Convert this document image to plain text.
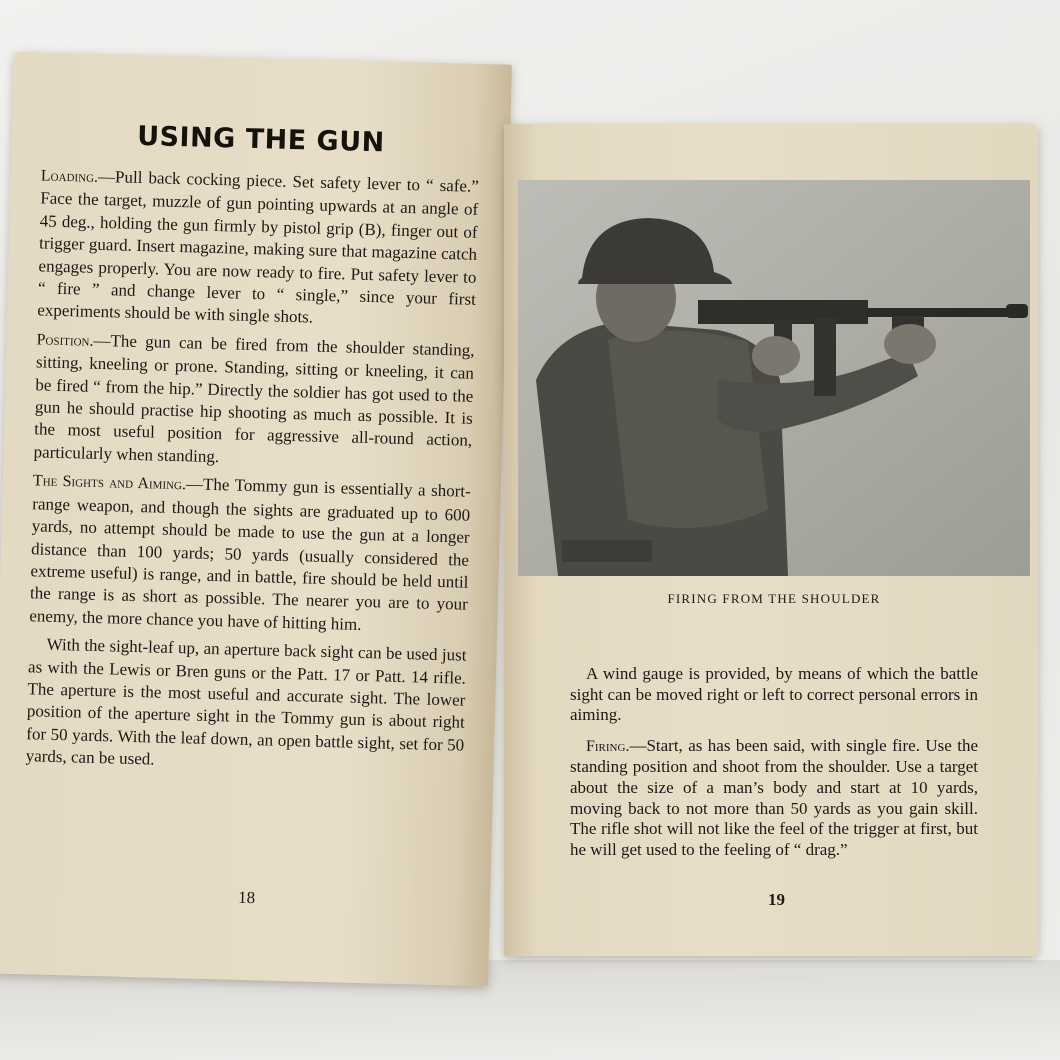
USING THE GUN

Loading.—Pull back cocking piece. Set safety lever to “ safe.” Face the target, muzzle of gun pointing upwards at an angle of 45 deg., holding the gun firmly by pistol grip (B), finger out of trigger guard. Insert magazine, making sure that magazine catch engages properly. You are now ready to fire. Put safety lever to “ fire ” and change lever to “ single,” since your first experiments should be with single shots.

Position.—The gun can be fired from the shoulder standing, sitting, kneeling or prone. Standing, sitting or kneeling, it can be fired “ from the hip.” Directly the soldier has got used to the gun he should practise hip shooting as much as possible. It is the most useful position for aggressive all-round action, particularly when standing.

The Sights and Aiming.—The Tommy gun is essentially a short-range weapon, and though the sights are graduated up to 600 yards, no attempt should be made to use the gun at a longer distance than 100 yards; 50 yards (usually considered the extreme useful) is range, and in battle, fire should be held until the range is as short as possible. The nearer you are to your enemy, the more chance you have of hitting him.

With the sight-leaf up, an aperture back sight can be used just as with the Lewis or Bren guns or the Patt. 17 or Patt. 14 rifle. The aperture is the most useful and accurate sight. The lower position of the aperture sight in the Tommy gun is about right for 50 yards. With the leaf down, an open battle sight, set for 50 yards, can be used.

18

FIRING FROM THE SHOULDER

A wind gauge is provided, by means of which the battle sight can be moved right or left to correct personal errors in aiming.

Firing.—Start, as has been said, with single fire. Use the standing position and shoot from the shoulder. Use a target about the size of a man’s body and start at 10 yards, moving back to not more than 50 yards as you gain skill. The rifle shot will not like the feel of the trigger at first, but he will get used to the feeling of “ drag.”

19
